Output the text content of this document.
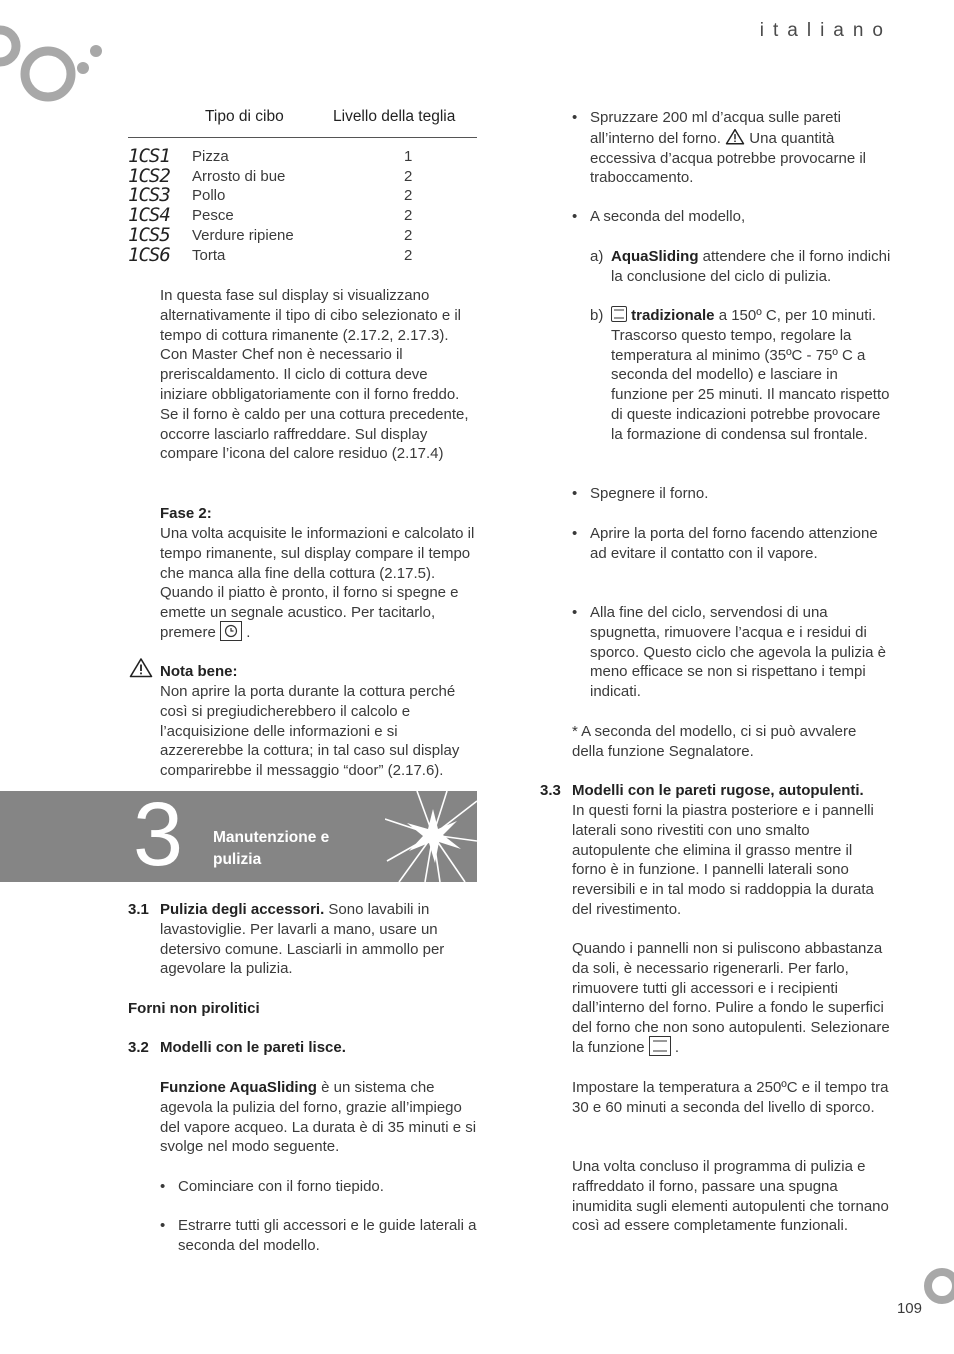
italiano
109
Tipo di cibo	Livello della teglia
1CS1 Pizza	1
1CS2 Arrosto di bue	2
1CS3 Pollo	2
1CS4 Pesce	2
1CS5 Verdure ripiene	2
1CS6 Torta	2

In questa fase sul display si visualizzano alternativamente il tipo di cibo selezionato e il tempo di cottura rimanente (2.17.2, 2.17.3). Con Master Chef non è necessario il preriscaldamento. Il ciclo di cottura deve iniziare obbligatoriamente con il forno freddo. Se il forno è caldo per una cottura precedente, occorre lasciarlo raffreddare. Sul display compare l’icona del calore residuo (2.17.4)

Fase 2:

Una volta acquisite le informazioni e calcolato il tempo rimanente, sul display compare il tempo che manca alla fine della cottura (2.17.5). Quando il piatto è pronto, il forno si spegne e emette un segnale acustico. Per tacitarlo, premere .

Nota bene:

Non aprire la porta durante la cottura perché così si pregiudicherebbero il calcolo e l’acquisizione delle informazioni e si azzererebbe la cottura; in tal caso sul display comparirebbe il messaggio “door” (2.17.6).

3 Manutenzione e pulizia

3.1 Pulizia degli accessori. Sono lavabili in lavastoviglie. Per lavarli a mano, usare un detersivo comune. Lasciarli in ammollo per agevolare la pulizia.

Forni non pirolitici

3.2 Modelli con le pareti lisce.

Funzione AquaSliding è un sistema che agevola la pulizia del forno, grazie all’impiego del vapore acqueo. La durata è di 35 minuti e si svolge nel modo seguente.

• Cominciare con il forno tiepido.

• Estrarre tutti gli accessori e le guide laterali a seconda del modello.

• Spruzzare 200 ml d’acqua sulle pareti all’interno del forno. Una quantità eccessiva d’acqua potrebbe provocarne il traboccamento.

• A seconda del modello,

a) AquaSliding attendere che il forno indichi la conclusione del ciclo di pulizia.

b)	tradizionale a 150º C, per 10 minuti. Trascorso questo tempo, regolare la temperatura al minimo (35ºC - 75º C a seconda del modello) e lasciare in funzione per 25 minuti. Il mancato rispetto di queste indicazioni potrebbe provocare la formazione di condensa sul frontale.

• Spegnere il forno.

• Aprire la porta del forno facendo attenzione ad evitare il contatto con il vapore.

• Alla fine del ciclo, servendosi di una spugnetta, rimuovere l’acqua e i residui di sporco. Questo ciclo che agevola la pulizia è meno efficace se non si rispettano i tempi indicati.

* A seconda del modello, ci si può avvalere della funzione Segnalatore.

3.3 Modelli con le pareti rugose, autopulenti.

In questi forni la piastra posteriore e i pannelli laterali sono rivestiti con uno smalto autopulente che elimina il grasso mentre il forno è in funzione. I pannelli laterali sono reversibili e in tal modo si raddoppia la durata del rivestimento.

Quando i pannelli non si puliscono abbastanza da soli, è necessario rigenerarli. Per farlo, rimuovere tutti gli accessori e i recipienti dall’interno del forno. Pulire a fondo le superfici del forno che non sono autopulenti. Selezionare la funzione .

Impostare la temperatura a 250ºC e il tempo tra 30 e 60 minuti a seconda del livello di sporco.

Una volta concluso il programma di pulizia e raffreddato il forno, passare una spugna inumidita sugli elementi autopulenti che tornano così ad essere completamente funzionali.
